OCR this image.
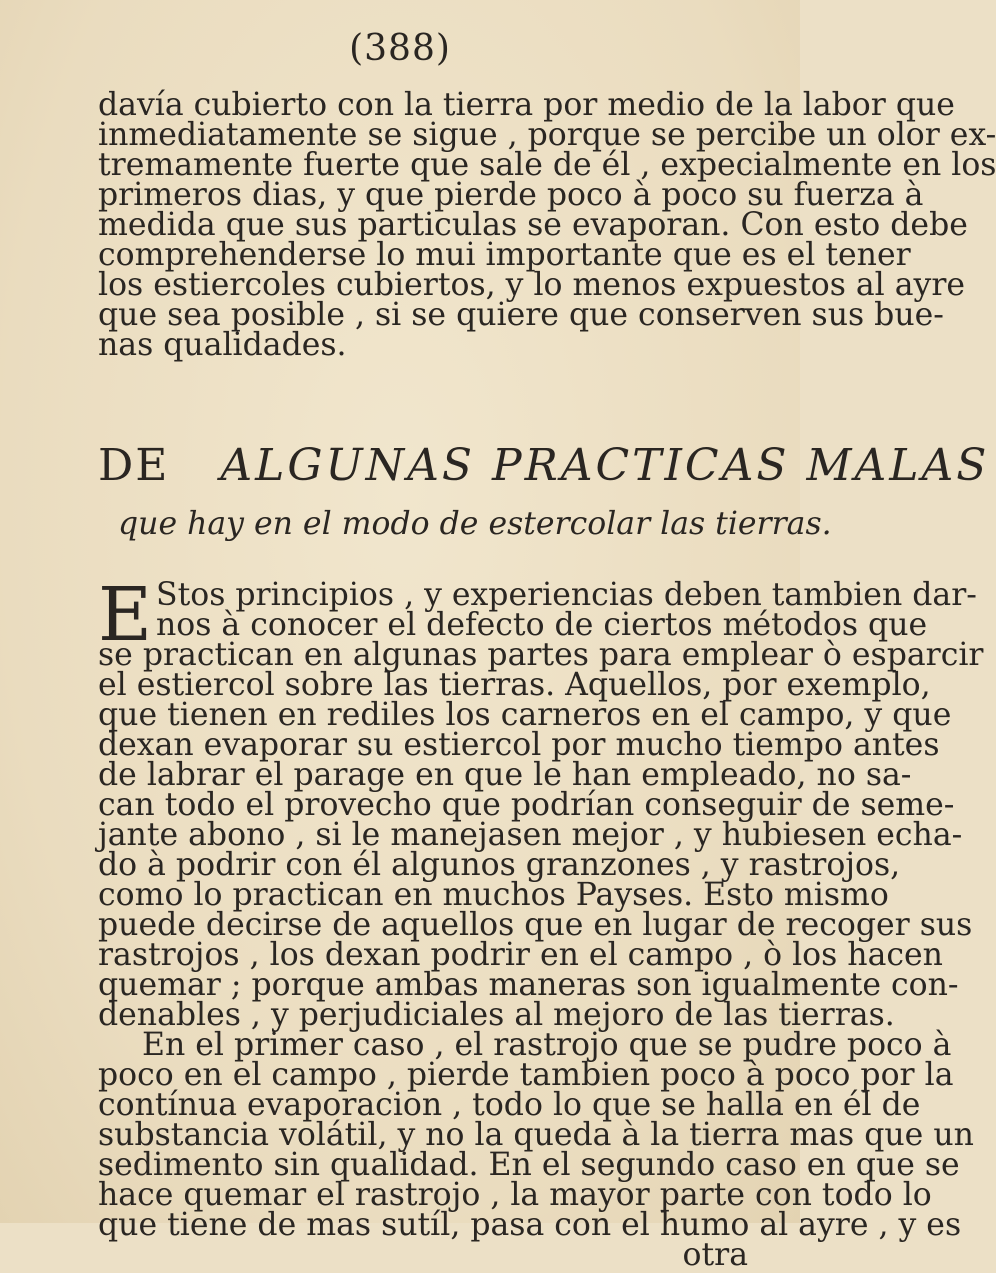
(388)
davía cubierto con la tierra por medio de la labor que
inmediatamente se sigue , porque se percibe un olor ex-
tremamente fuerte que sale de él , expecialmente en los
primeros dias, y que pierde poco à poco su fuerza à
medida que sus particulas se evaporan. Con esto debe
comprehenderse lo mui importante que es el tener
los estiercoles cubiertos, y lo menos expuestos al ayre
que sea posible , si se quiere que conserven sus bue-
nas qualidades.
DE ALGUNAS PRACTICAS MALAS
que hay en el modo de estercolar las tierras.
E Stos principios , y experiencias deben tambien dar-
nos à conocer el defecto de ciertos métodos que
se practican en algunas partes para emplear ò esparcir
el estiercol sobre las tierras. Aquellos, por exemplo,
que tienen en rediles los carneros en el campo, y que
dexan evaporar su estiercol por mucho tiempo antes
de labrar el parage en que le han empleado, no sa-
can todo el provecho que podrían conseguir de seme-
jante abono , si le manejasen mejor , y hubiesen echa-
do à podrir con él algunos granzones , y rastrojos,
como lo practican en muchos Payses. Esto mismo
puede decirse de aquellos que en lugar de recoger sus
rastrojos , los dexan podrir en el campo , ò los hacen
quemar ; porque ambas maneras son igualmente con-
denables , y perjudiciales al mejoro de las tierras.
En el primer caso , el rastrojo que se pudre poco à
poco en el campo , pierde tambien poco à poco por la
contínua evaporacion , todo lo que se halla en él de
substancia volátil, y no la queda à la tierra mas que un
sedimento sin qualidad. En el segundo caso en que se
hace quemar el rastrojo , la mayor parte con todo lo
que tiene de mas sutíl, pasa con el humo al ayre , y es
otra
